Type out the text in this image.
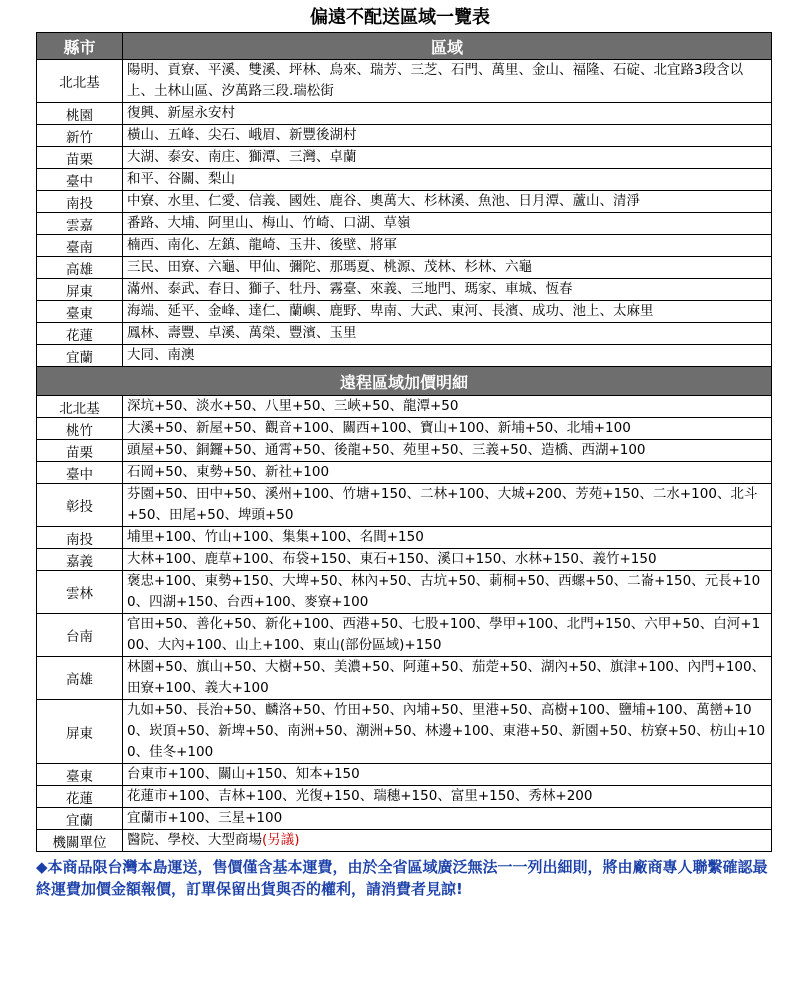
偏遠不配送區域一覽表
縣市	區域
北北基	陽明、貢寮、平溪、雙溪、坪林、烏來、瑞芳、三芝、石門、萬里、金山、福隆、石碇、北宜路3段含以上、土林山區、汐萬路三段.瑞松街
桃園	復興、新屋永安村
新竹	橫山、五峰、尖石、峨眉、新豐後湖村
苗栗	大湖、泰安、南庄、獅潭、三灣、卓蘭
臺中	和平、谷關、梨山
南投	中寮、水里、仁愛、信義、國姓、鹿谷、奧萬大、杉林溪、魚池、日月潭、蘆山、清淨
雲嘉	番路、大埔、阿里山、梅山、竹崎、口湖、草嶺
臺南	楠西、南化、左鎮、龍崎、玉井、後壁、將軍
高雄	三民、田寮、六龜、甲仙、彌陀、那瑪夏、桃源、茂林、杉林、六龜
屏東	滿州、泰武、春日、獅子、牡丹、霧臺、來義、三地門、瑪家、車城、恆春
臺東	海端、延平、金峰、達仁、蘭嶼、鹿野、卑南、大武、東河、長濱、成功、池上、太麻里
花蓮	鳳林、壽豐、卓溪、萬榮、豐濱、玉里
宜蘭	大同、南澳
遠程區域加價明細	
北北基	深坑+50、淡水+50、八里+50、三峽+50、龍潭+50
桃竹	大溪+50、新屋+50、觀音+100、關西+100、寶山+100、新埔+50、北埔+100
苗栗	頭屋+50、銅鑼+50、通霄+50、後龍+50、苑里+50、三義+50、造橋、西湖+100
臺中	石岡+50、東勢+50、新社+100
彰投	芬園+50、田中+50、溪州+100、竹塘+150、二林+100、大城+200、芳苑+150、二水+100、北斗+50、田尾+50、埤頭+50
南投	埔里+100、竹山+100、集集+100、名間+150
嘉義	大林+100、鹿草+100、布袋+150、東石+150、溪口+150、水林+150、義竹+150
雲林	褒忠+100、東勢+150、大埤+50、林內+50、古坑+50、莿桐+50、西螺+50、二崙+150、元長+100、四湖+150、台西+100、麥寮+100
台南	官田+50、善化+50、新化+100、西港+50、七股+100、學甲+100、北門+150、六甲+50、白河+100、大內+100、山上+100、東山(部份區域)+150
高雄	林園+50、旗山+50、大樹+50、美濃+50、阿蓮+50、茄萣+50、湖內+50、旗津+100、內門+100、田寮+100、義大+100
屏東	九如+50、長治+50、麟洛+50、竹田+50、內埔+50、里港+50、高樹+100、鹽埔+100、萬巒+100、崁頂+50、新埤+50、南洲+50、潮洲+50、林邊+100、東港+50、新園+50、枋寮+50、枋山+100、佳冬+100
臺東	台東市+100、關山+150、知本+150
花蓮	花蓮市+100、吉林+100、光復+150、瑞穗+150、富里+150、秀林+200
宜蘭	宜蘭市+100、三星+100
機關單位	醫院、學校、大型商場(另議)
◆本商品限台灣本島運送，售價僅含基本運費，由於全省區域廣泛無法一一列出細則，將由廠商專人聯繫確認最終運費加價金額報價，訂單保留出貨與否的權利，請消費者見諒!
